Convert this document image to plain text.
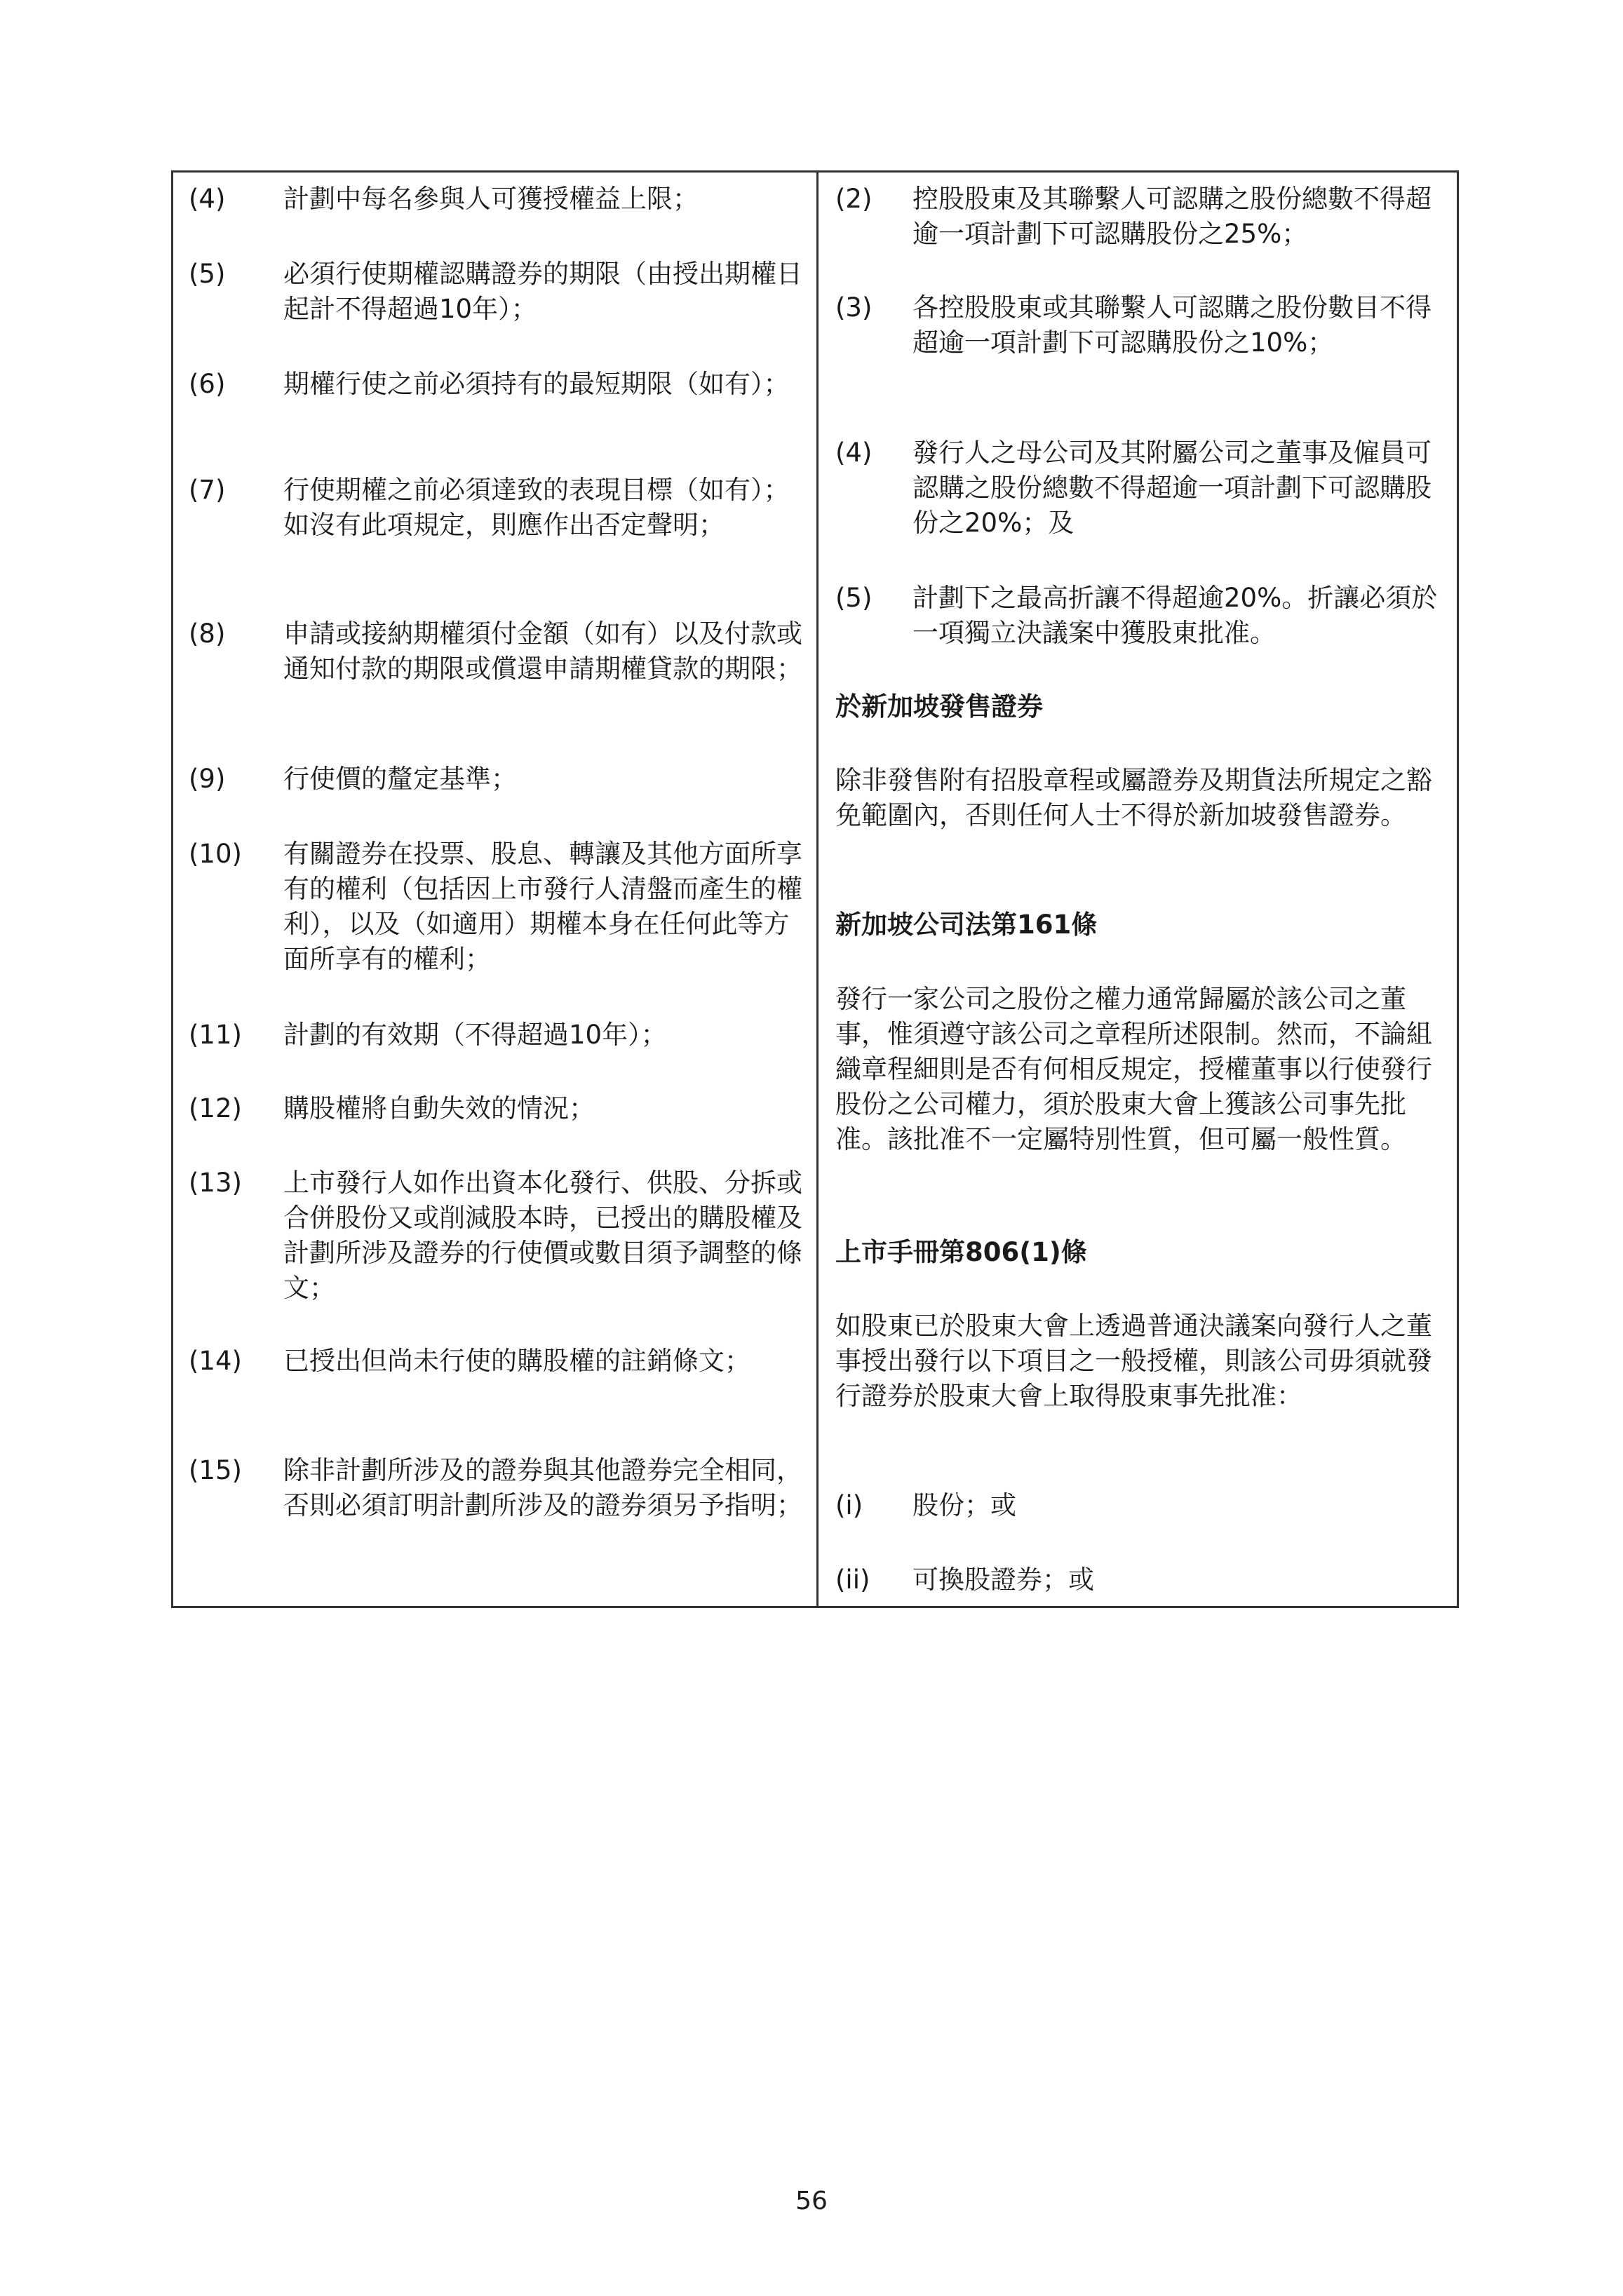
(4) 計劃中每名參與人可獲授權益上限；
(5) 必須行使期權認購證券的期限（由授出期權日起計不得超過10年）；
(6) 期權行使之前必須持有的最短期限（如有）；
(7) 行使期權之前必須達致的表現目標（如有）；如沒有此項規定，則應作出否定聲明；
(8) 申請或接納期權須付金額（如有）以及付款或通知付款的期限或償還申請期權貸款的期限；
(9) 行使價的釐定基準；
(10) 有關證券在投票、股息、轉讓及其他方面所享有的權利（包括因上市發行人清盤而產生的權利），以及（如適用）期權本身在任何此等方面所享有的權利；
(11) 計劃的有效期（不得超過10年）；
(12) 購股權將自動失效的情況；
(13) 上市發行人如作出資本化發行、供股、分拆或合併股份又或削減股本時，已授出的購股權及計劃所涉及證券的行使價或數目須予調整的條文；
(14) 已授出但尚未行使的購股權的註銷條文；
(15) 除非計劃所涉及的證券與其他證券完全相同，否則必須訂明計劃所涉及的證券須另予指明；
(2) 控股股東及其聯繫人可認購之股份總數不得超逾一項計劃下可認購股份之25%；
(3) 各控股股東或其聯繫人可認購之股份數目不得超逾一項計劃下可認購股份之10%；
(4) 發行人之母公司及其附屬公司之董事及僱員可認購之股份總數不得超逾一項計劃下可認購股份之20%；及
(5) 計劃下之最高折讓不得超逾20%。折讓必須於一項獨立決議案中獲股東批准。
於新加坡發售證券
除非發售附有招股章程或屬證券及期貨法所規定之豁免範圍內，否則任何人士不得於新加坡發售證券。
新加坡公司法第161條
發行一家公司之股份之權力通常歸屬於該公司之董事，惟須遵守該公司之章程所述限制。然而，不論組織章程細則是否有何相反規定，授權董事以行使發行股份之公司權力，須於股東大會上獲該公司事先批准。該批准不一定屬特別性質，但可屬一般性質。
上市手冊第806(1)條
如股東已於股東大會上透過普通決議案向發行人之董事授出發行以下項目之一般授權，則該公司毋須就發行證券於股東大會上取得股東事先批准：
(i) 股份；或
(ii) 可換股證券；或
56
